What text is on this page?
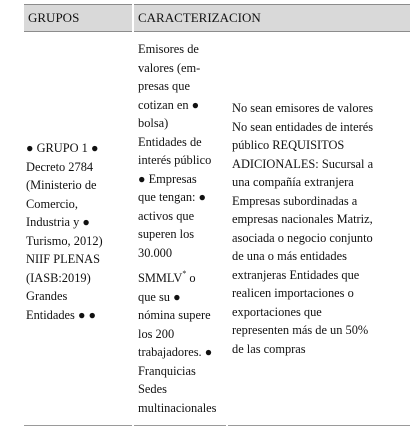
GRUPOS	CARACTERIZACION
● GRUPO 1 ●
Decreto 2784
(Ministerio de
Comercio,
Industria y ●
Turismo, 2012)
NIIF PLENAS
(IASB:2019)
Grandes
Entidades ● ●
Emisores de
valores (em-
presas que
cotizan en ●
bolsa)
Entidades de
interés público
● Empresas
que tengan: ●
activos que
superen los
30.000
SMMLV* o
que su ●
nómina supere
los 200
trabajadores. ●
Franquicias
Sedes
multinacionales
No sean emisores de valores
No sean entidades de interés
público REQUISITOS
ADICIONALES: Sucursal a
una compañía extranjera
Empresas subordinadas a
empresas nacionales Matriz,
asociada o negocio conjunto
de una o más entidades
extranjeras Entidades que
realicen importaciones o
exportaciones que
representen más de un 50%
de las compras
